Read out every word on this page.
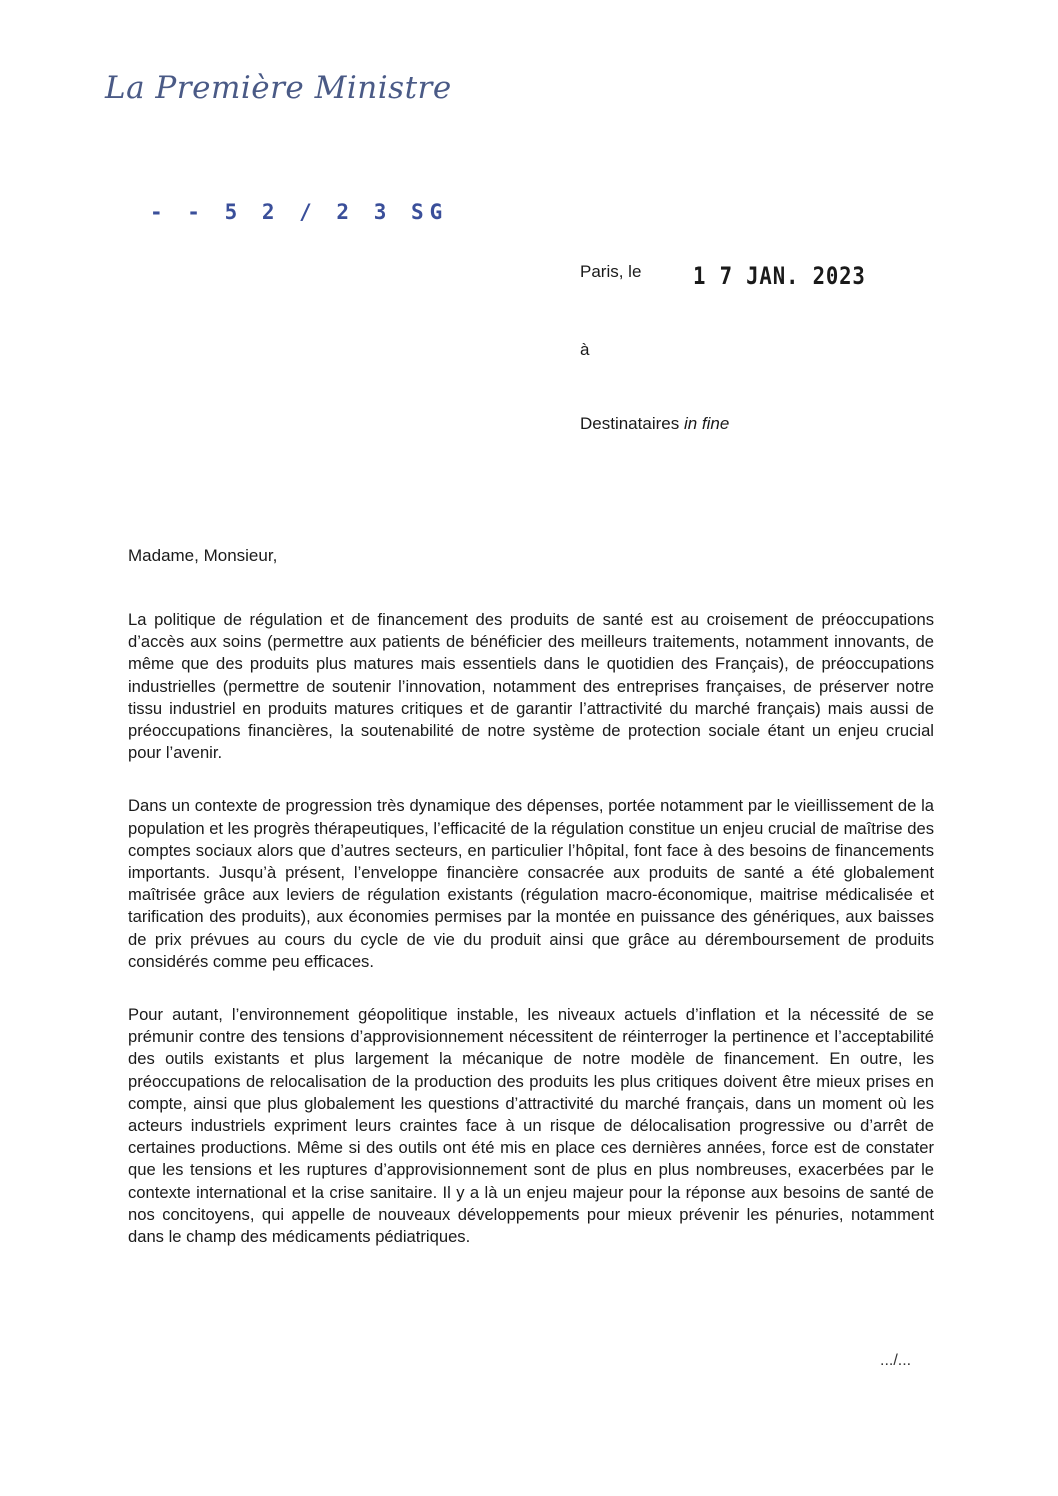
La Première Ministre
- - 5 2 / 2 3 SG
Paris, le 1 7 JAN. 2023
à
Destinataires in fine
Madame, Monsieur,

La politique de régulation et de financement des produits de santé est au croisement de préoccupations d’accès aux soins (permettre aux patients de bénéficier des meilleurs traitements, notamment innovants, de même que des produits plus matures mais essentiels dans le quotidien des Français), de préoccupations industrielles (permettre de soutenir l’innovation, notamment des entreprises françaises, de préserver notre tissu industriel en produits matures critiques et de garantir l’attractivité du marché français) mais aussi de préoccupations financières, la soutenabilité de notre système de protection sociale étant un enjeu crucial pour l’avenir.

Dans un contexte de progression très dynamique des dépenses, portée notamment par le vieillissement de la population et les progrès thérapeutiques, l’efficacité de la régulation constitue un enjeu crucial de maîtrise des comptes sociaux alors que d’autres secteurs, en particulier l’hôpital, font face à des besoins de financements importants. Jusqu’à présent, l’enveloppe financière consacrée aux produits de santé a été globalement maîtrisée grâce aux leviers de régulation existants (régulation macro-économique, maitrise médicalisée et tarification des produits), aux économies permises par la montée en puissance des génériques, aux baisses de prix prévues au cours du cycle de vie du produit ainsi que grâce au déremboursement de produits considérés comme peu efficaces.

Pour autant, l’environnement géopolitique instable, les niveaux actuels d’inflation et la nécessité de se prémunir contre des tensions d’approvisionnement nécessitent de réinterroger la pertinence et l’acceptabilité des outils existants et plus largement la mécanique de notre modèle de financement. En outre, les préoccupations de relocalisation de la production des produits les plus critiques doivent être mieux prises en compte, ainsi que plus globalement les questions d’attractivité du marché français, dans un moment où les acteurs industriels expriment leurs craintes face à un risque de délocalisation progressive ou d’arrêt de certaines productions. Même si des outils ont été mis en place ces dernières années, force est de constater que les tensions et les ruptures d’approvisionnement sont de plus en plus nombreuses, exacerbées par le contexte international et la crise sanitaire. Il y a là un enjeu majeur pour la réponse aux besoins de santé de nos concitoyens, qui appelle de nouveaux développements pour mieux prévenir les pénuries, notamment dans le champ des médicaments pédiatriques.

.../...
